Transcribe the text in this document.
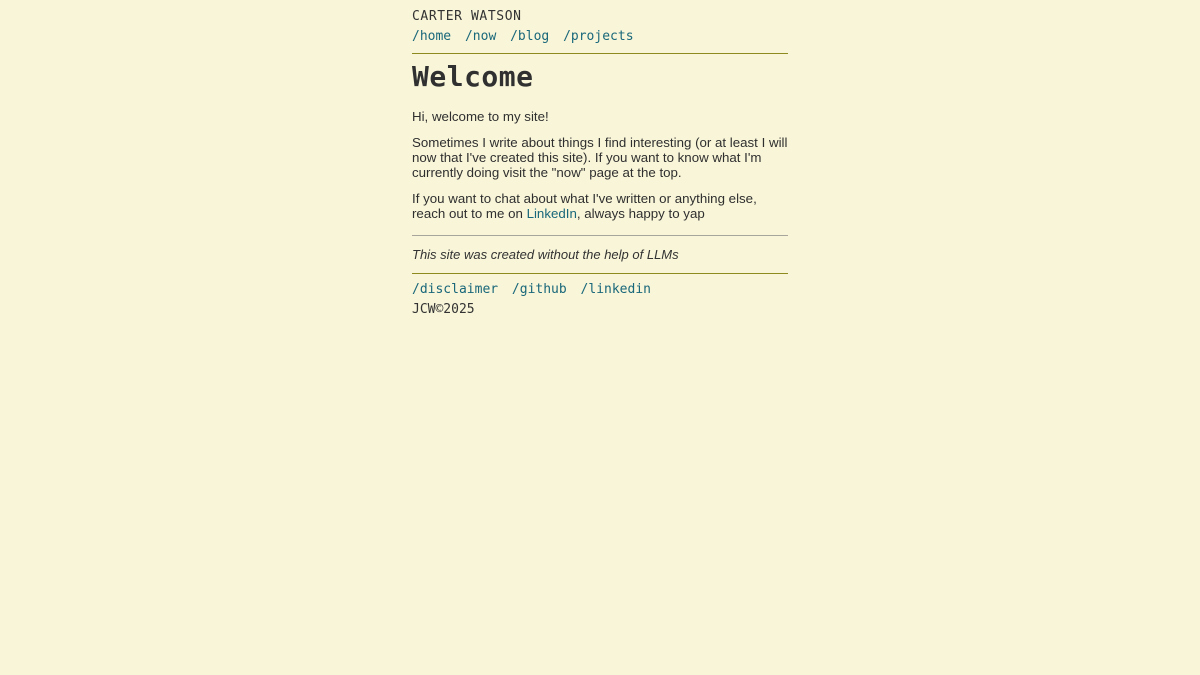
CARTER WATSON
/home /now /blog /projects
Welcome

Hi, welcome to my site!

Sometimes I write about things I find interesting (or at least I will now that I've created this site). If you want to know what I'm currently doing visit the "now" page at the top.

If you want to chat about what I've written or anything else, reach out to me on LinkedIn, always happy to yap

This site was created without the help of LLMs
/disclaimer /github /linkedin
JCW©2025
